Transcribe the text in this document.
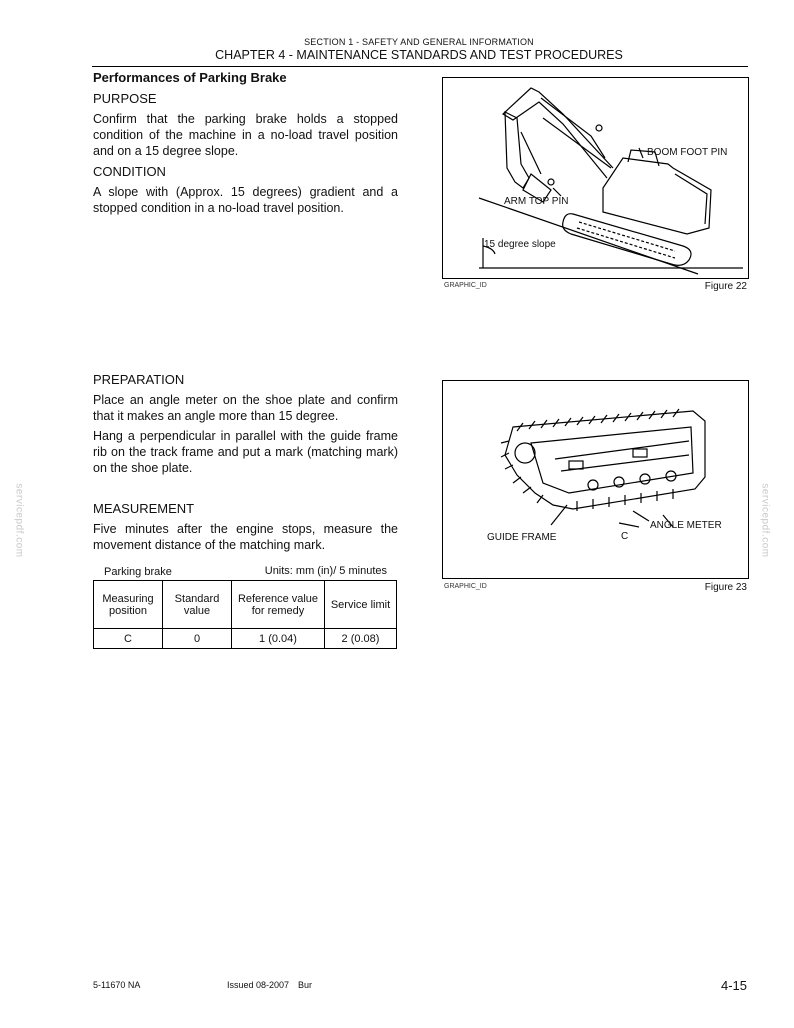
SECTION 1 - SAFETY AND GENERAL INFORMATION
CHAPTER 4 - MAINTENANCE STANDARDS AND TEST PROCEDURES
Performances of Parking Brake
PURPOSE
Confirm that the parking brake holds a stopped condition of the machine in a no-load travel position and on a 15 degree slope.
CONDITION
A slope with (Approx. 15 degrees) gradient and a stopped condition in a no-load travel position.
PREPARATION
Place an angle meter on the shoe plate and confirm that it makes an angle more than 15 degree.
Hang a perpendicular in parallel with the guide frame rib on the track frame and put a mark (matching mark) on the shoe plate.
MEASUREMENT
Five minutes after the engine stops, measure the movement distance of the matching mark.
Parking brake	Units: mm (in)/ 5 minutes
Measuring position	Standard value	Reference value for remedy	Service limit
C	0	1 (0.04)	2 (0.08)
BOOM FOOT PIN
ARM TOP PIN
15 degree slope
GRAPHIC_ID	Figure 22
GUIDE FRAME
ANGLE METER
C
GRAPHIC_ID	Figure 23
servicepdf.com	servicepdf.com
5-11670 NA	Issued 08-2007 Bur	4-15
